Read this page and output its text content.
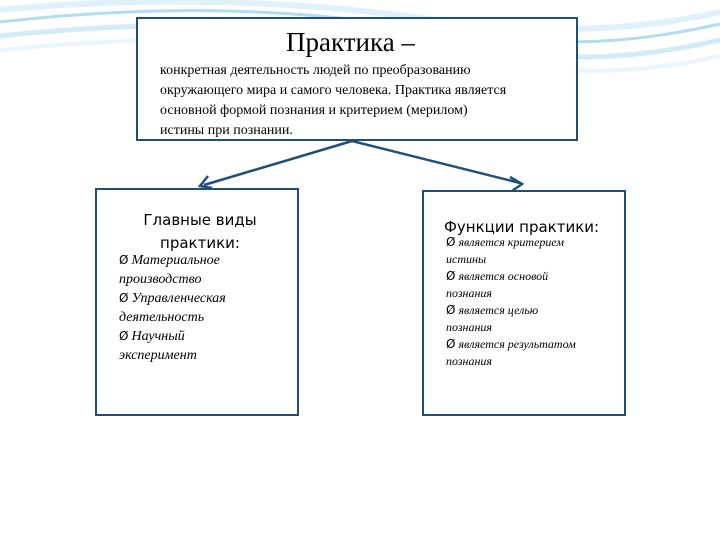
Практика –
конкретная деятельность людей по преобразованию
окружающего мира и самого человека. Практика является
основной формой познания и критерием (мерилом)
истины при познании.
Главные виды
практики:
Ø Материальное
производство
Ø Управленческая
деятельность
Ø Научный
эксперимент
Функции практики:
Ø является критерием
истины
Ø является основой
познания
Ø является целью
познания
Ø является результатом
познания
